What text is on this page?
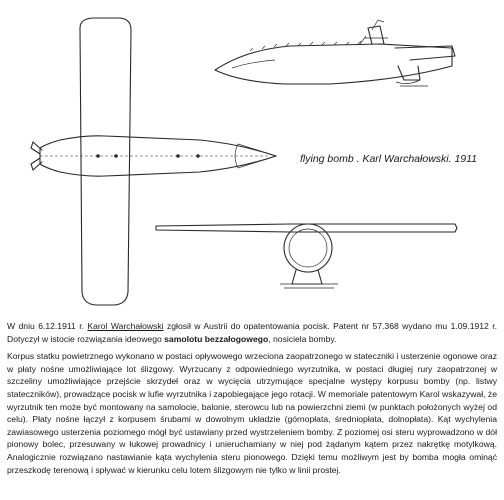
flying bomb . Karl Warchałowski. 1911

W dniu 6.12.1911 r. Karol Warchałowski zgłosił w Austrii do opatentowania pocisk. Patent nr 57.368 wydano mu 1.09.1912 r. Dotyczył w istocie rozwiązania ideowego samolotu bezzałogowego, nosiciela bomby.

Korpus statku powietrznego wykonano w postaci opływowego wrzeciona zaopatrzonego w stateczniki i usterzenie ogonowe oraz w płaty nośne umożliwiające lot ślizgowy. Wyrzucany z odpowiedniego wyrzutnika, w postaci długiej rury zaopatrzonej w szczeliny umożliwiające przejście skrzydeł oraz w wycięcia utrzymujące specjalne występy korpusu bomby (np. listwy stateczników), prowadzące pocisk w lufie wyrzutnika i zapobiegające jego rotacji. W memoriale patentowym Karol wskazywał, że wyrzutnik ten może być montowany na samolocie, balonie, sterowcu lub na powierzchni ziemi (w punktach położonych wyżej od celu). Płaty nośne łączył z korpusem śrubami w dowolnym układzie (górnopłata, średniopłata, dolnopłata). Kąt wychylenia zawiasowego usterzenia poziomego mógł być ustawiany przed wystrzeleniem bomby. Z poziomej osi steru wyprowadzono w dół pionowy bolec, przesuwany w łukowej prowadnicy i unieruchamiany w niej pod żądanym kątem przez nakrętkę motylkową. Analogicznie rozwiązano nastawianie kąta wychylenia steru pionowego. Dzięki temu możliwym jest by bomba mogła ominąć przeszkodę terenową i spływać w kierunku celu lotem ślizgowym nie tylko w linii prostej.
